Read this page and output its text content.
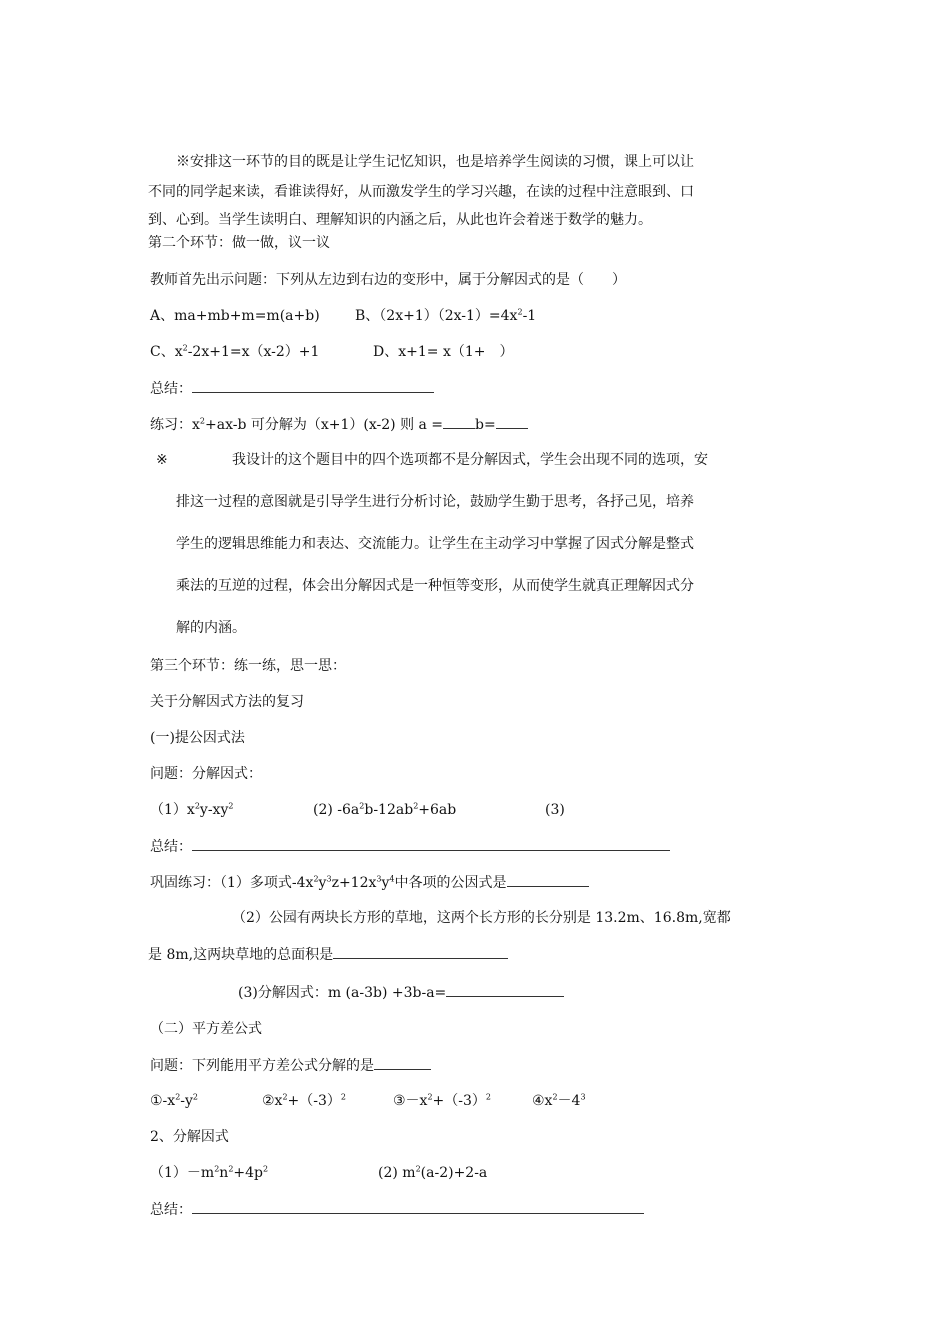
※安排这一环节的目的既是让学生记忆知识，也是培养学生阅读的习惯，课上可以让
不同的同学起来读，看谁读得好，从而激发学生的学习兴趣，在读的过程中注意眼到、口
到、心到。当学生读明白、理解知识的内涵之后，从此也许会着迷于数学的魅力。
第二个环节：做一做，议一议
教师首先出示问题：下列从左边到右边的变形中，属于分解因式的是（　　）
A、ma+mb+m=m(a+b)	B、$(2x+1)(2x-1)=4x^2-1$
C、$x^2-2x+1=x(x-2)+1$	D、x+1= x（1+　）
总结：
练习：$x^2+ax-b$ 可分解为（x+1）(x-2) 则 a = b=
※	我设计的这个题目中的四个选项都不是分解因式，学生会出现不同的选项，安
排这一过程的意图就是引导学生进行分析讨论，鼓励学生勤于思考，各抒己见，培养
学生的逻辑思维能力和表达、交流能力。让学生在主动学习中掌握了因式分解是整式
乘法的互逆的过程，体会出分解因式是一种恒等变形，从而使学生就真正理解因式分
解的内涵。
第三个环节：练一练，思一思：
关于分解因式方法的复习
(一)提公因式法
问题：分解因式：
$(1)x^2y-xy^2$	(2) $-6a^2b-12ab^2+6ab$	(3)
总结：
巩固练习：（1）多项式$-4x^2y^3z+12x^3y^4$中各项的公因式是
（2）公园有两块长方形的草地，这两个长方形的长分别是 13.2m、16.8m,宽都
是 8m,这两块草地的总面积是
(3)分解因式：m (a-3b) +3b-a=
（二）平方差公式
问题：下列能用平方差公式分解的是
$①-x^2-y^2$	$②x^2+(-3)^2$	$③-x^2+(-3)^2$	$④x^2-4^3$
2、分解因式
$(1)-m^2n^2+4p^2$	(2) $m^2(a-2)+2-a$
总结：
